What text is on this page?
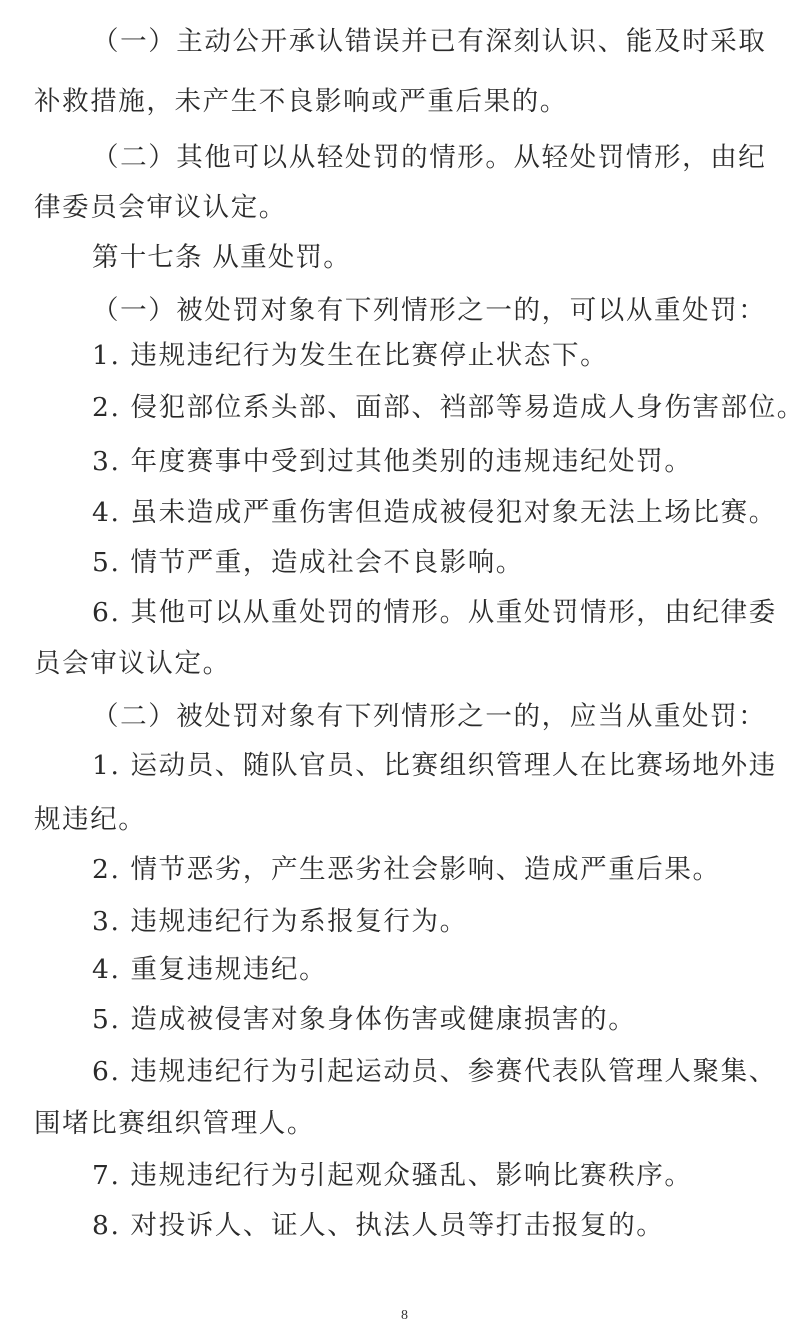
（一）主动公开承认错误并已有深刻认识、能及时采取
补救措施，未产生不良影响或严重后果的。
（二）其他可以从轻处罚的情形。从轻处罚情形，由纪
律委员会审议认定。
第十七条 从重处罚。
（一）被处罚对象有下列情形之一的，可以从重处罚：
1. 违规违纪行为发生在比赛停止状态下。
2. 侵犯部位系头部、面部、裆部等易造成人身伤害部位。
3. 年度赛事中受到过其他类别的违规违纪处罚。
4. 虽未造成严重伤害但造成被侵犯对象无法上场比赛。
5. 情节严重，造成社会不良影响。
6. 其他可以从重处罚的情形。从重处罚情形，由纪律委
员会审议认定。
（二）被处罚对象有下列情形之一的，应当从重处罚：
1. 运动员、随队官员、比赛组织管理人在比赛场地外违
规违纪。
2. 情节恶劣，产生恶劣社会影响、造成严重后果。
3. 违规违纪行为系报复行为。
4. 重复违规违纪。
5. 造成被侵害对象身体伤害或健康损害的。
6. 违规违纪行为引起运动员、参赛代表队管理人聚集、
围堵比赛组织管理人。
7. 违规违纪行为引起观众骚乱、影响比赛秩序。
8. 对投诉人、证人、执法人员等打击报复的。
8
